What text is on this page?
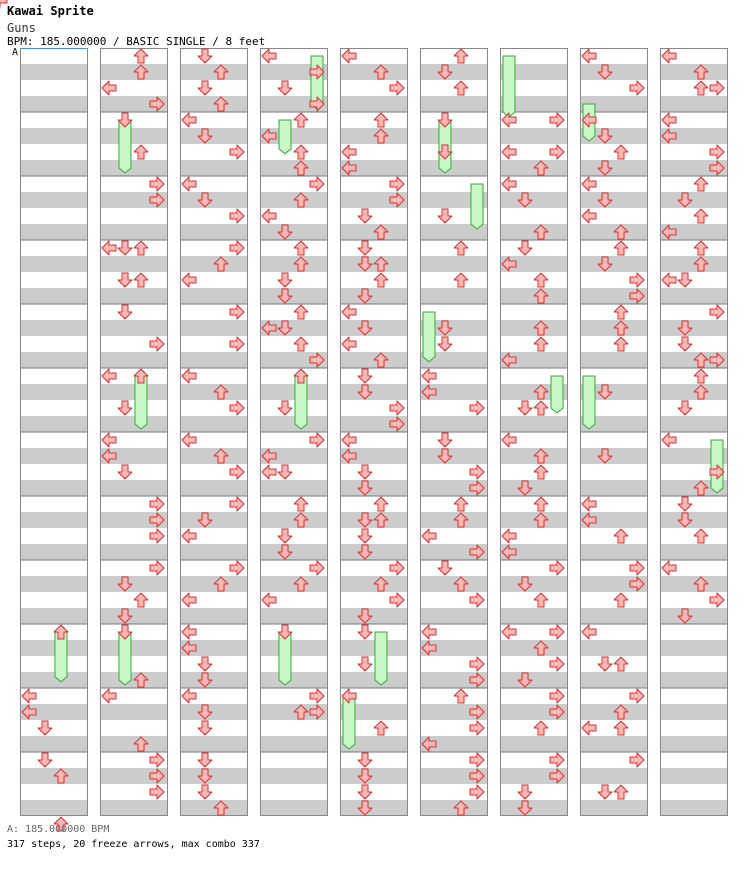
Kawai Sprite
Guns
BPM: 185.000000 / BASIC SINGLE / 8 feet
A
A: 185.000000 BPM
317 steps, 20 freeze arrows, max combo 337
